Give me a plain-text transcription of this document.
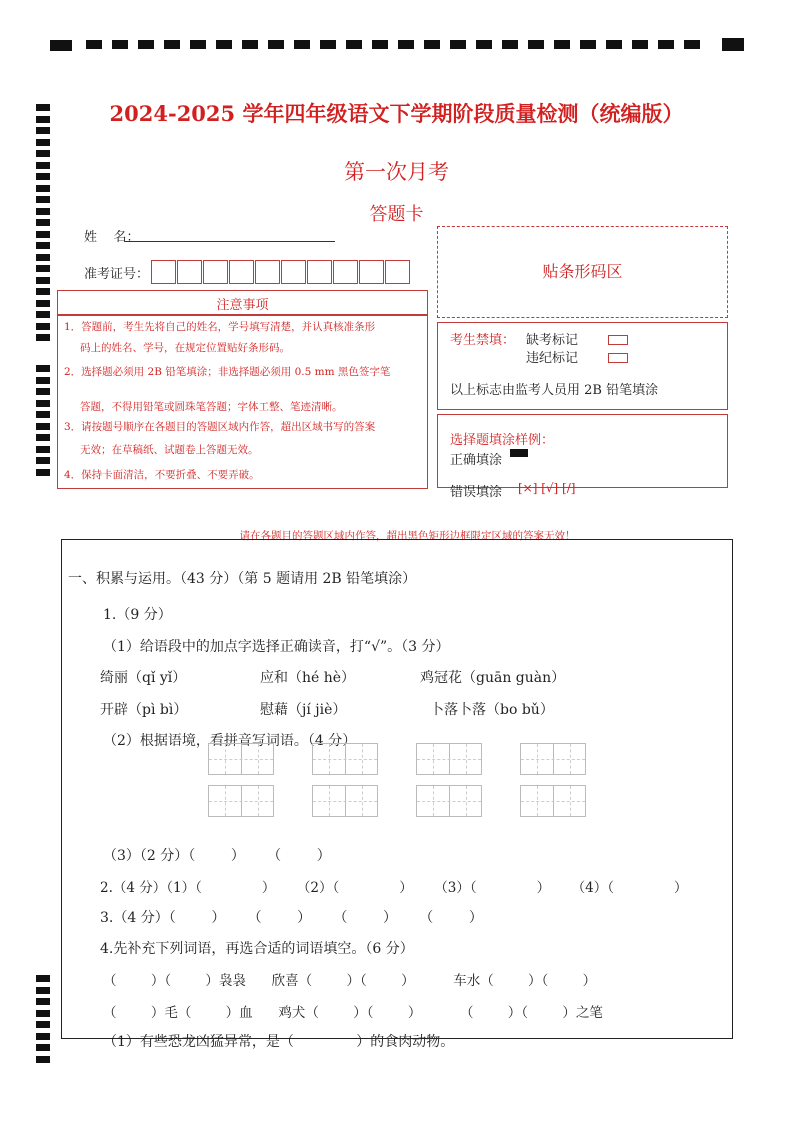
2024-2025 学年四年级语文下学期阶段质量检测（统编版）
第一次月考
答题卡
姓    名：
准考证号：	贴条形码区
注意事项
1．答题前，考生先将自己的姓名，学号填写清楚，并认真核准条形
码上的姓名、学号，在规定位置贴好条形码。
2．选择题必须用 2B 铅笔填涂；非选择题必须用 0.5 mm 黑色签字笔
答题，不得用铅笔或圆珠笔答题；字体工整、笔迹清晰。
3．请按题号顺序在各题目的答题区域内作答，超出区域书写的答案
无效；在草稿纸、试题卷上答题无效。
4．保持卡面清洁，不要折叠、不要弄破。
考生禁填： 缺考标记
违纪标记
以上标志由监考人员用 2B 铅笔填涂
选择题填涂样例：
正确填涂
错误填涂 [×] [√] [/]
请在各题目的答题区域内作答，超出黑色矩形边框限定区域的答案无效！
一、积累与运用。（43 分）（第 5 题请用 2B 铅笔填涂）
1.（9 分）
（1）给语段中的加点字选择正确读音，打“√”。（3 分）
绮丽（qǐ yǐ）	应和（hé hè）	鸡冠花（guān guàn）
开辟（pì bì）	慰藉（jí jiè）	卜落卜落（bo bǔ）
（2）根据语境，看拼音写词语。（4 分）
（3）（2 分）（        ）     （        ）
2.（4 分）（1）（              ）     （2）（              ）     （3）（              ）     （4）（              ）
3.（4 分）（        ）     （        ）     （        ）     （        ）
4.先补充下列词语，再选合适的词语填空。（6 分）
（        ）（        ）袅袅      欣喜（        ）（        ）         车水（        ）（        ）
（        ）毛（        ）血      鸡犬（        ）（        ）         （        ）（        ）之笔
（1）有些恐龙凶猛异常，是（              ）的食肉动物。
